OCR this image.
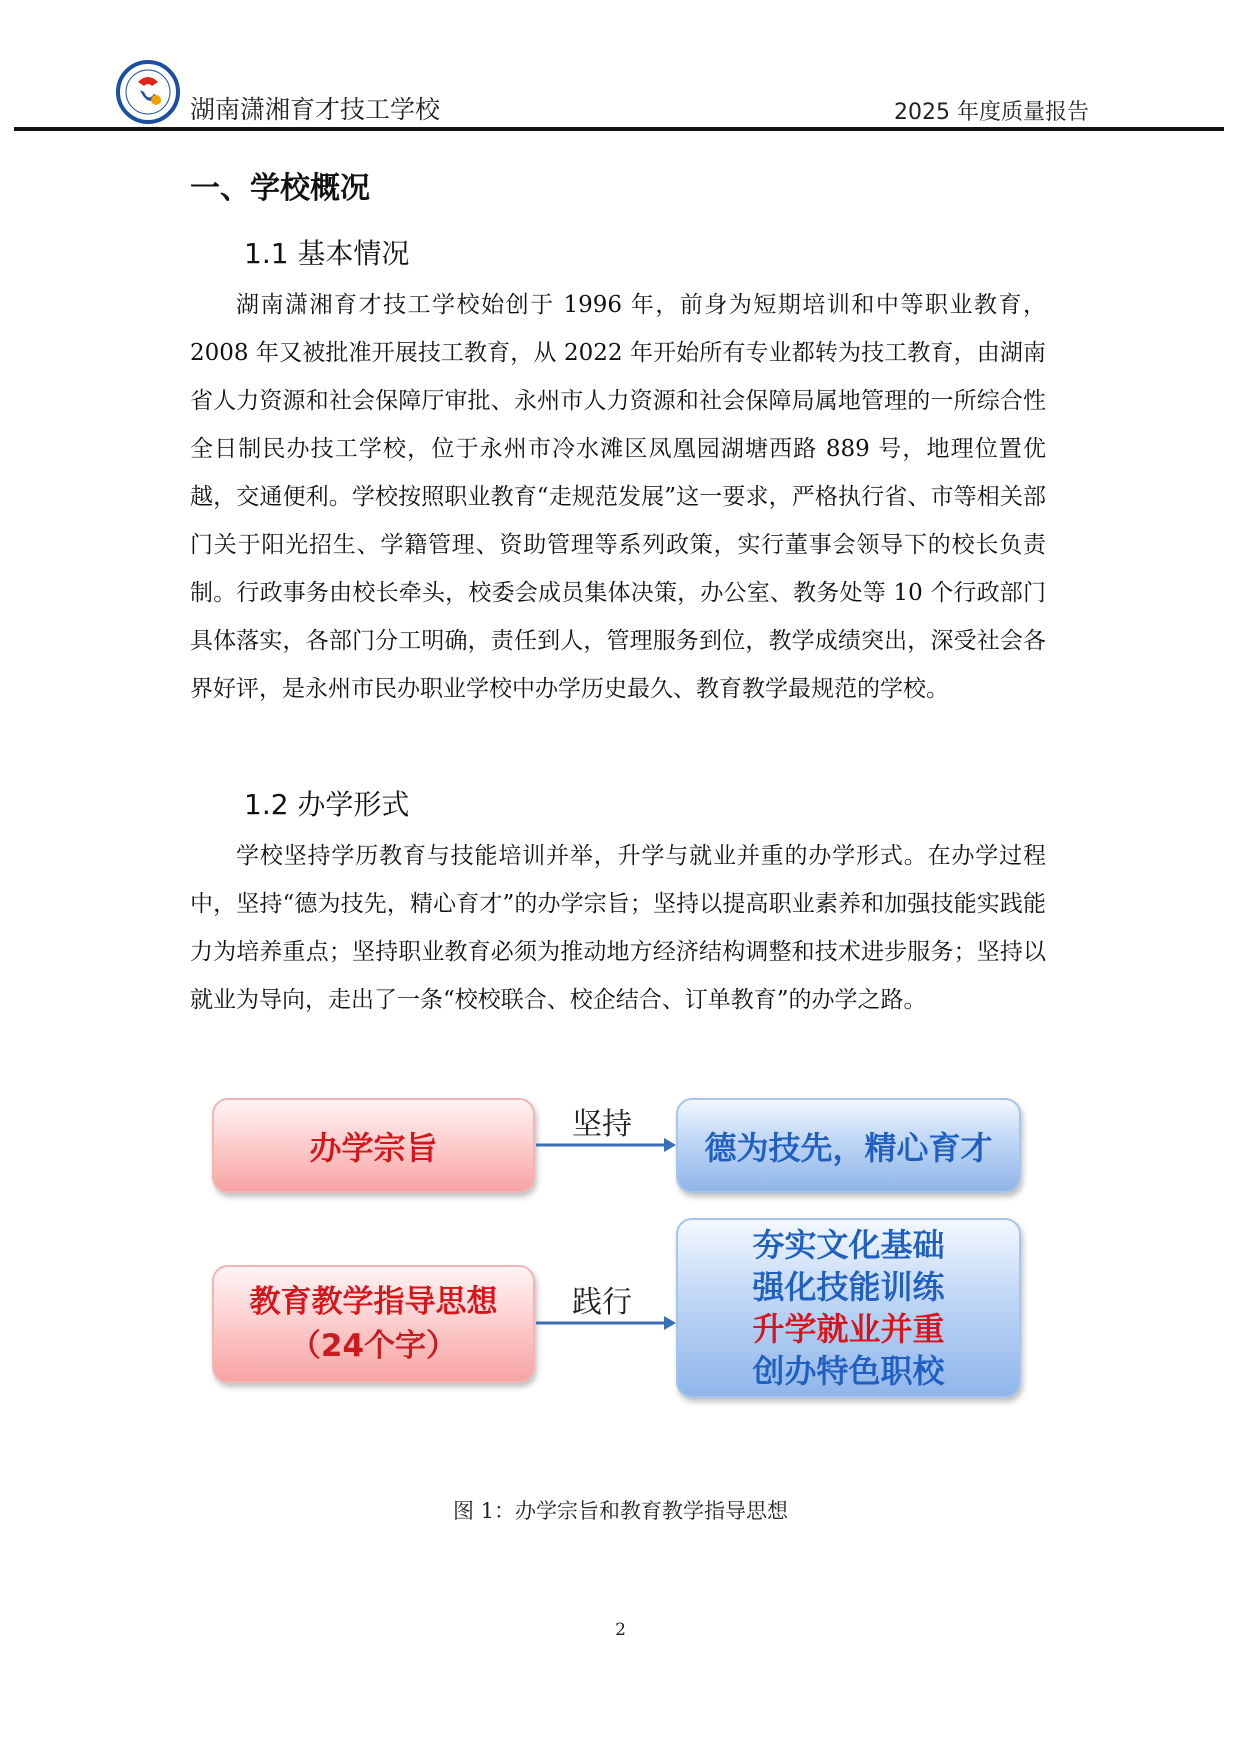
湖南潇湘育才技工学校	2025 年度质量报告
一、学校概况
1.1 基本情况

湖南潇湘育才技工学校始创于 1996 年，前身为短期培训和中等职业教育，2008 年又被批准开展技工教育，从 2022 年开始所有专业都转为技工教育，由湖南省人力资源和社会保障厅审批、永州市人力资源和社会保障局属地管理的一所综合性全日制民办技工学校，位于永州市冷水滩区凤凰园湖塘西路 889 号，地理位置优越，交通便利。学校按照职业教育“走规范发展”这一要求，严格执行省、市等相关部门关于阳光招生、学籍管理、资助管理等系列政策，实行董事会领导下的校长负责制。行政事务由校长牵头，校委会成员集体决策，办公室、教务处等 10 个行政部门具体落实，各部门分工明确，责任到人，管理服务到位，教学成绩突出，深受社会各界好评，是永州市民办职业学校中办学历史最久、教育教学最规范的学校。

1.2 办学形式

学校坚持学历教育与技能培训并举，升学与就业并重的办学形式。在办学过程中，坚持“德为技先，精心育才”的办学宗旨；坚持以提高职业素养和加强技能实践能力为培养重点；坚持职业教育必须为推动地方经济结构调整和技术进步服务；坚持以就业为导向，走出了一条“校校联合、校企结合、订单教育”的办学之路。

办学宗旨
坚持
德为技先，精心育才
教育教学指导思想
（24个字）
践行
夯实文化基础
强化技能训练
升学就业并重
创办特色职校
图 1：办学宗旨和教育教学指导思想
2
